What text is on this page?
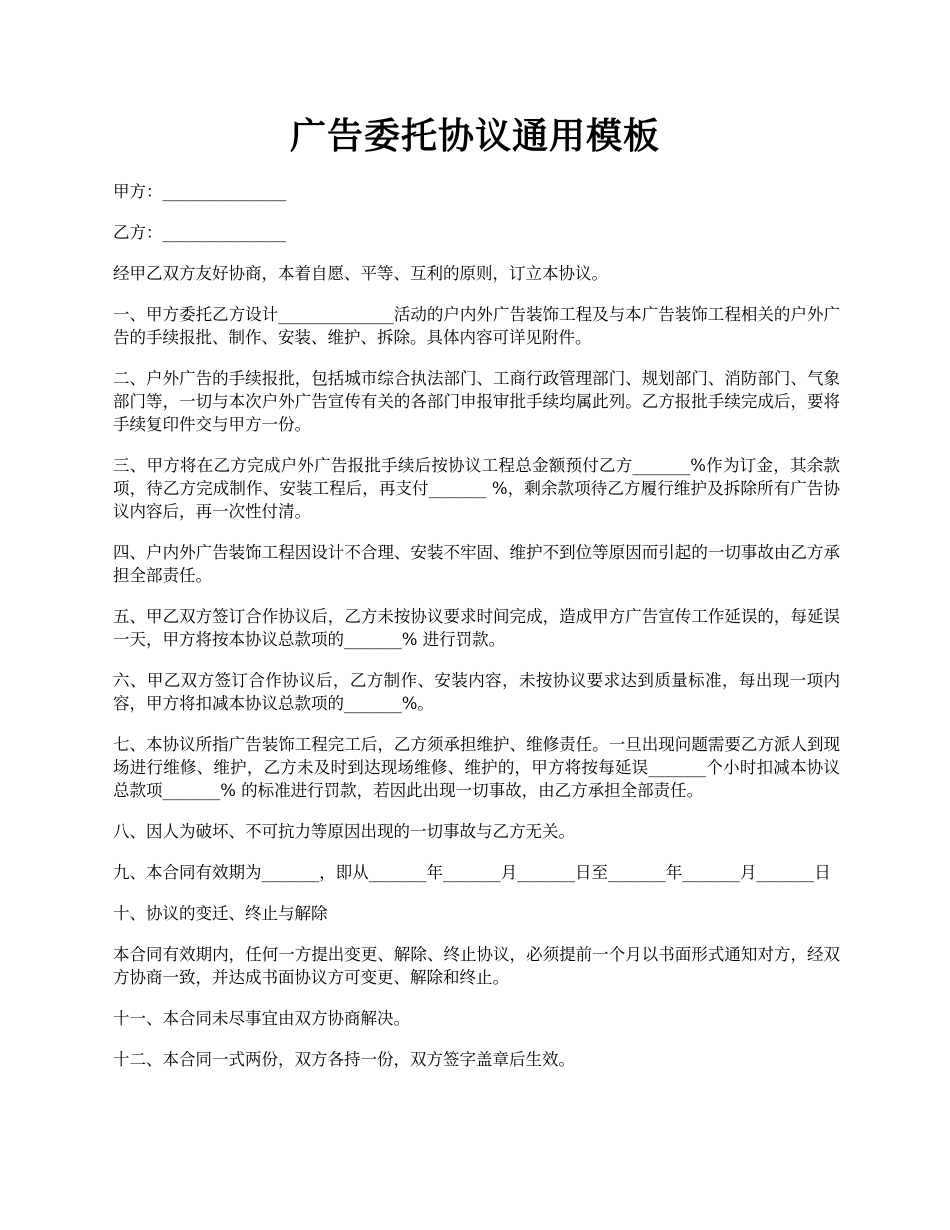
广告委托协议通用模板

甲方：_______________

乙方：_______________

经甲乙双方友好协商，本着自愿、平等、互利的原则，订立本协议。

一、甲方委托乙方设计______________活动的户内外广告装饰工程及与本广告装饰工程相关的户外广告的手续报批、制作、安装、维护、拆除。具体内容可详见附件。

二、户外广告的手续报批，包括城市综合执法部门、工商行政管理部门、规划部门、消防部门、气象部门等，一切与本次户外广告宣传有关的各部门申报审批手续均属此列。乙方报批手续完成后，要将手续复印件交与甲方一份。

三、甲方将在乙方完成户外广告报批手续后按协议工程总金额预付乙方_______%作为订金，其余款项，待乙方完成制作、安装工程后，再支付_______ %，剩余款项待乙方履行维护及拆除所有广告协议内容后，再一次性付清。

四、户内外广告装饰工程因设计不合理、安装不牢固、维护不到位等原因而引起的一切事故由乙方承担全部责任。

五、甲乙双方签订合作协议后，乙方未按协议要求时间完成，造成甲方广告宣传工作延误的，每延误一天，甲方将按本协议总款项的_______% 进行罚款。

六、甲乙双方签订合作协议后，乙方制作、安装内容，未按协议要求达到质量标准，每出现一项内容，甲方将扣减本协议总款项的_______%。

七、本协议所指广告装饰工程完工后，乙方须承担维护、维修责任。一旦出现问题需要乙方派人到现场进行维修、维护，乙方未及时到达现场维修、维护的，甲方将按每延误_______个小时扣减本协议总款项_______% 的标准进行罚款，若因此出现一切事故，由乙方承担全部责任。

八、因人为破坏、不可抗力等原因出现的一切事故与乙方无关。

九、本合同有效期为_______，即从_______年_______月_______日至_______年_______月_______日

十、协议的变迁、终止与解除

本合同有效期内，任何一方提出变更、解除、终止协议，必须提前一个月以书面形式通知对方，经双方协商一致，并达成书面协议方可变更、解除和终止。

十一、本合同未尽事宜由双方协商解决。

十二、本合同一式两份，双方各持一份，双方签字盖章后生效。
